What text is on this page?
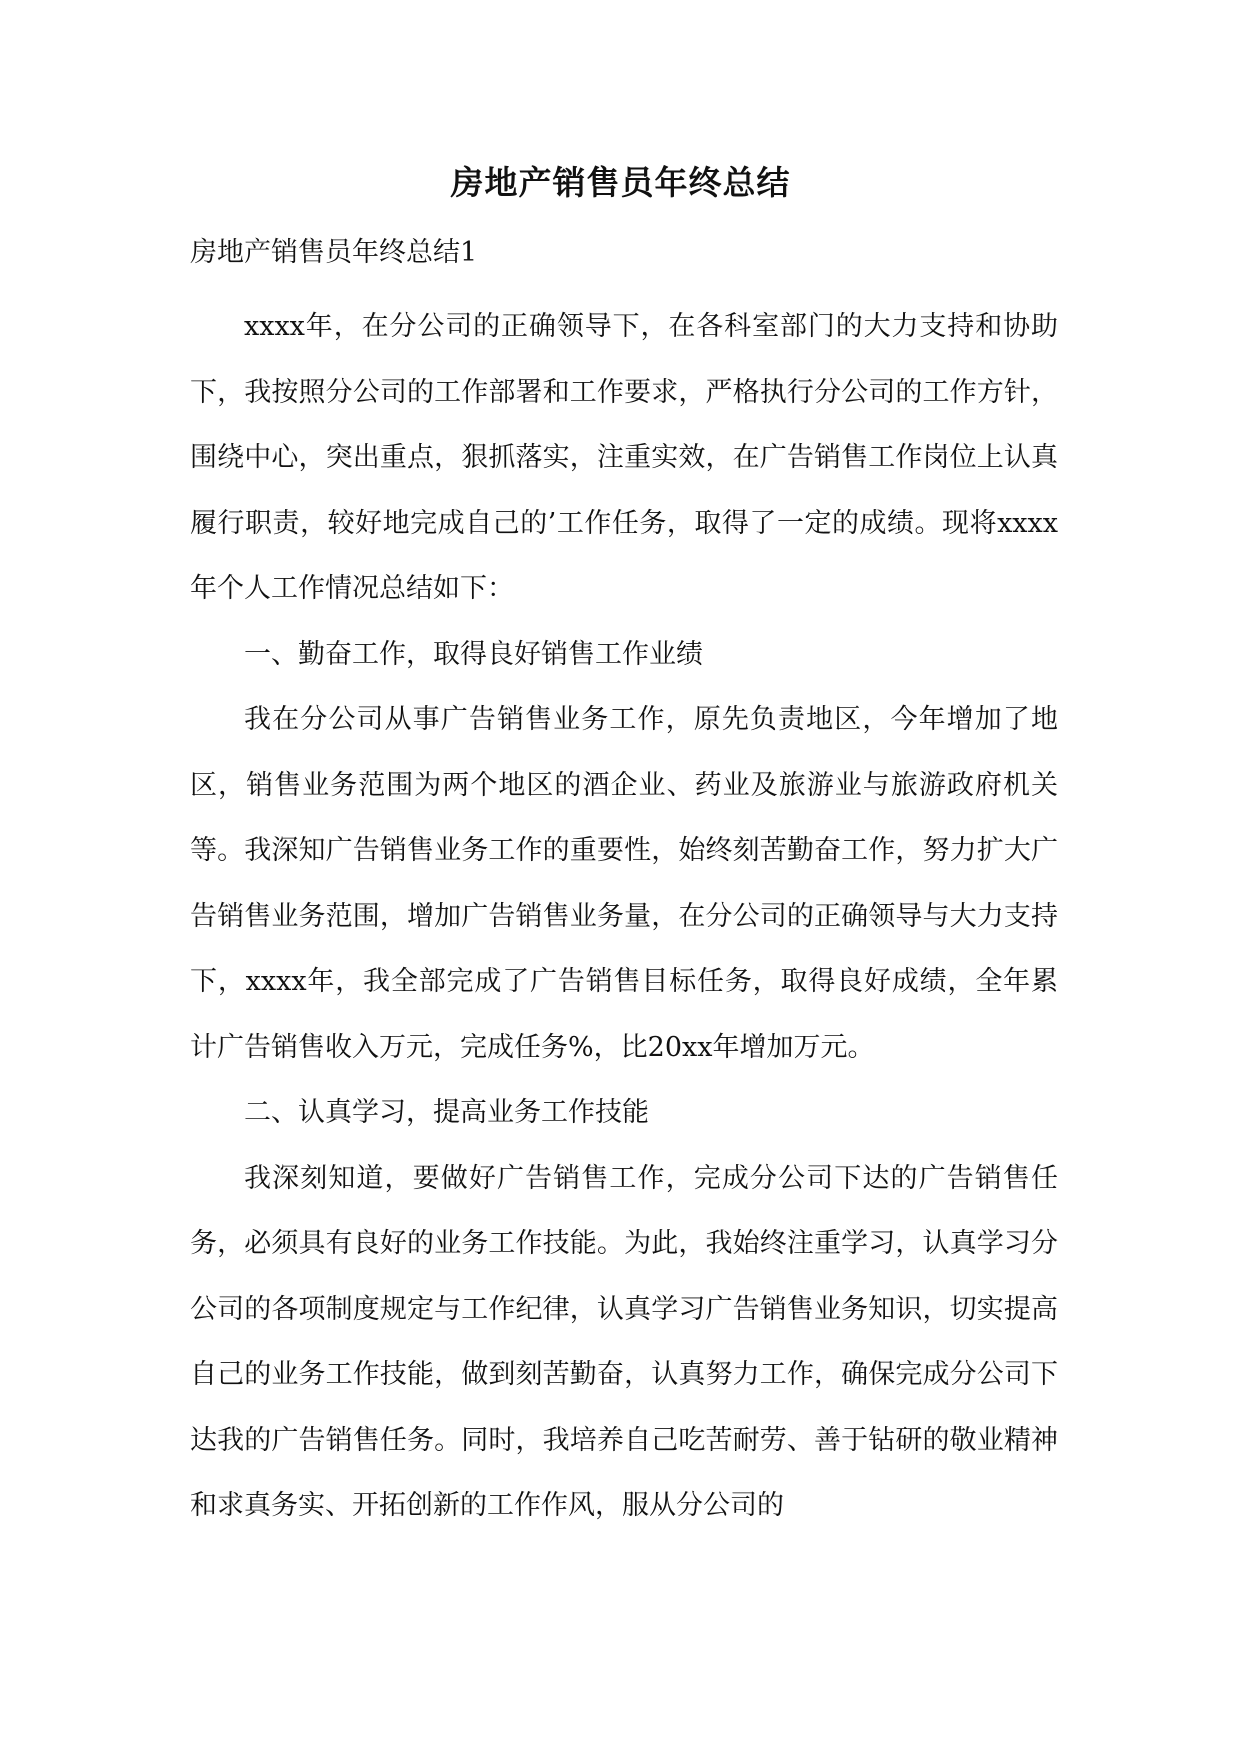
房地产销售员年终总结

房地产销售员年终总结1

xxxx年，在分公司的正确领导下，在各科室部门的大力支持和协助下，我按照分公司的工作部署和工作要求，严格执行分公司的工作方针，围绕中心，突出重点，狠抓落实，注重实效，在广告销售工作岗位上认真履行职责，较好地完成自己的’工作任务，取得了一定的成绩。现将xxxx年个人工作情况总结如下：

一、勤奋工作，取得良好销售工作业绩

我在分公司从事广告销售业务工作，原先负责地区，今年增加了地区，销售业务范围为两个地区的酒企业、药业及旅游业与旅游政府机关等。我深知广告销售业务工作的重要性，始终刻苦勤奋工作，努力扩大广告销售业务范围，增加广告销售业务量，在分公司的正确领导与大力支持下，xxxx年，我全部完成了广告销售目标任务，取得良好成绩，全年累计广告销售收入万元，完成任务%，比20xx年增加万元。

二、认真学习，提高业务工作技能

我深刻知道，要做好广告销售工作，完成分公司下达的广告销售任务，必须具有良好的业务工作技能。为此，我始终注重学习，认真学习分公司的各项制度规定与工作纪律，认真学习广告销售业务知识，切实提高自己的业务工作技能，做到刻苦勤奋，认真努力工作，确保完成分公司下达我的广告销售任务。同时，我培养自己吃苦耐劳、善于钻研的敬业精神和求真务实、开拓创新的工作作风，服从分公司的
